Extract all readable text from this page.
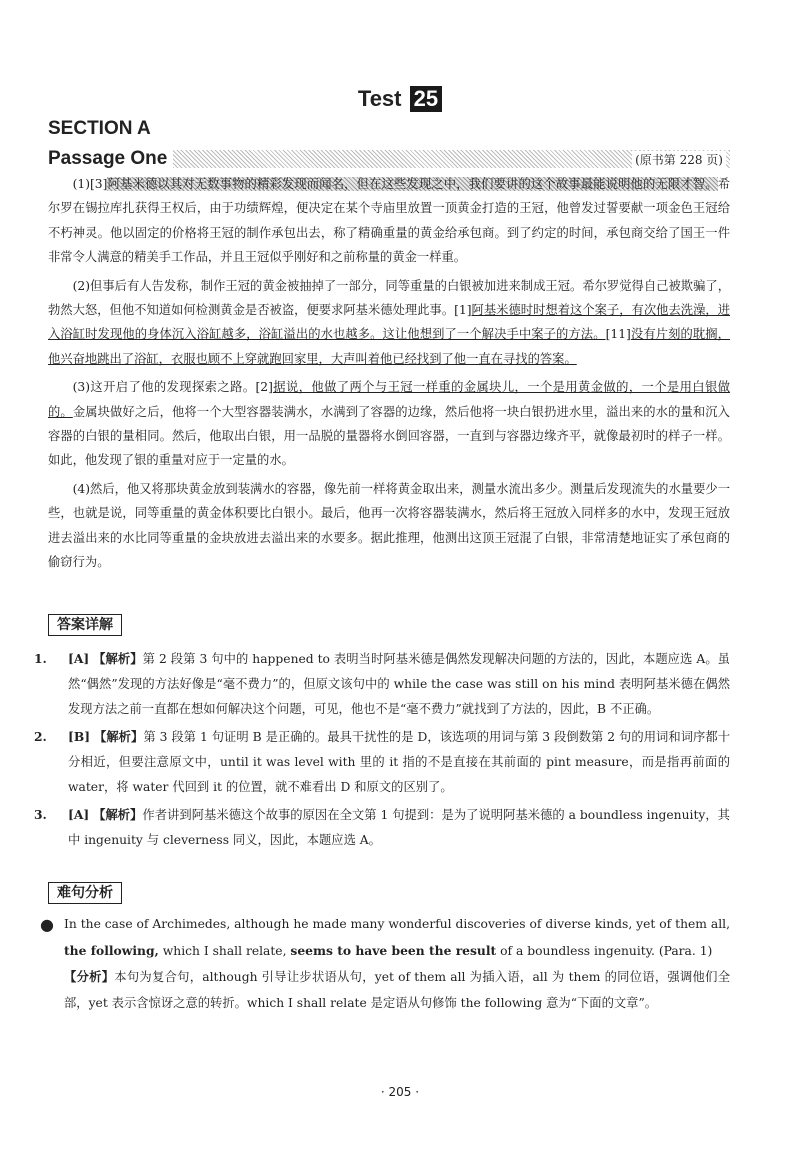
Test 25
SECTION A
Passage One	(原书第 228 页)

(1)[3]阿基米德以其对无数事物的精彩发现而闻名，但在这些发现之中，我们要讲的这个故事最能说明他的无限才智。希尔罗在锡拉库扎获得王权后，由于功绩辉煌，便决定在某个寺庙里放置一顶黄金打造的王冠，他曾发过誓要献一项金色王冠给不朽神灵。他以固定的价格将王冠的制作承包出去，称了精确重量的黄金给承包商。到了约定的时间，承包商交给了国王一件非常令人满意的精美手工作品，并且王冠似乎刚好和之前称量的黄金一样重。

(2)但事后有人告发称，制作王冠的黄金被抽掉了一部分，同等重量的白银被加进来制成王冠。希尔罗觉得自己被欺骗了，勃然大怒，但他不知道如何检测黄金是否被盗，便要求阿基米德处理此事。[1]阿基米德时时想着这个案子，有次他去洗澡，进入浴缸时发现他的身体沉入浴缸越多，浴缸溢出的水也越多。这让他想到了一个解决手中案子的方法。[11]没有片刻的耽搁，他兴奋地跳出了浴缸，衣服也顾不上穿就跑回家里，大声叫着他已经找到了他一直在寻找的答案。

(3)这开启了他的发现探索之路。[2]据说，他做了两个与王冠一样重的金属块儿，一个是用黄金做的，一个是用白银做的。金属块做好之后，他将一个大型容器装满水，水满到了容器的边缘，然后他将一块白银扔进水里，溢出来的水的量和沉入容器的白银的量相同。然后，他取出白银，用一品脱的量器将水倒回容器，一直到与容器边缘齐平，就像最初时的样子一样。如此，他发现了银的重量对应于一定量的水。

(4)然后，他又将那块黄金放到装满水的容器，像先前一样将黄金取出来，测量水流出多少。测量后发现流失的水量要少一些，也就是说，同等重量的黄金体积要比白银小。最后，他再一次将容器装满水，然后将王冠放入同样多的水中，发现王冠放进去溢出来的水比同等重量的金块放进去溢出来的水要多。据此推理，他测出这顶王冠混了白银，非常清楚地证实了承包商的偷窃行为。

答案详解
1.	[A] 【解析】第 2 段第 3 句中的 happened to 表明当时阿基米德是偶然发现解决问题的方法的，因此，本题应选 A。虽然“偶然”发现的方法好像是“毫不费力”的，但原文该句中的 while the case was still on his mind 表明阿基米德在偶然发现方法之前一直都在想如何解决这个问题，可见，他也不是“毫不费力”就找到了方法的，因此，B 不正确。
2.	[B] 【解析】第 3 段第 1 句证明 B 是正确的。最具干扰性的是 D，该选项的用词与第 3 段倒数第 2 句的用词和词序都十分相近，但要注意原文中，until it was level with 里的 it 指的不是直接在其前面的 pint measure，而是指再前面的 water，将 water 代回到 it 的位置，就不难看出 D 和原文的区别了。
3.	[A] 【解析】作者讲到阿基米德这个故事的原因在全文第 1 句提到：是为了说明阿基米德的 a boundless ingenuity，其中 ingenuity 与 cleverness 同义，因此，本题应选 A。
难句分析
● In the case of Archimedes, although he made many wonderful discoveries of diverse kinds, yet of them all, the following, which I shall relate, seems to have been the result of a boundless ingenuity. (Para. 1)
【分析】本句为复合句，although 引导让步状语从句，yet of them all 为插入语，all 为 them 的同位语，强调他们全部，yet 表示含惊讶之意的转折。which I shall relate 是定语从句修饰 the following 意为“下面的文章”。
· 205 ·
